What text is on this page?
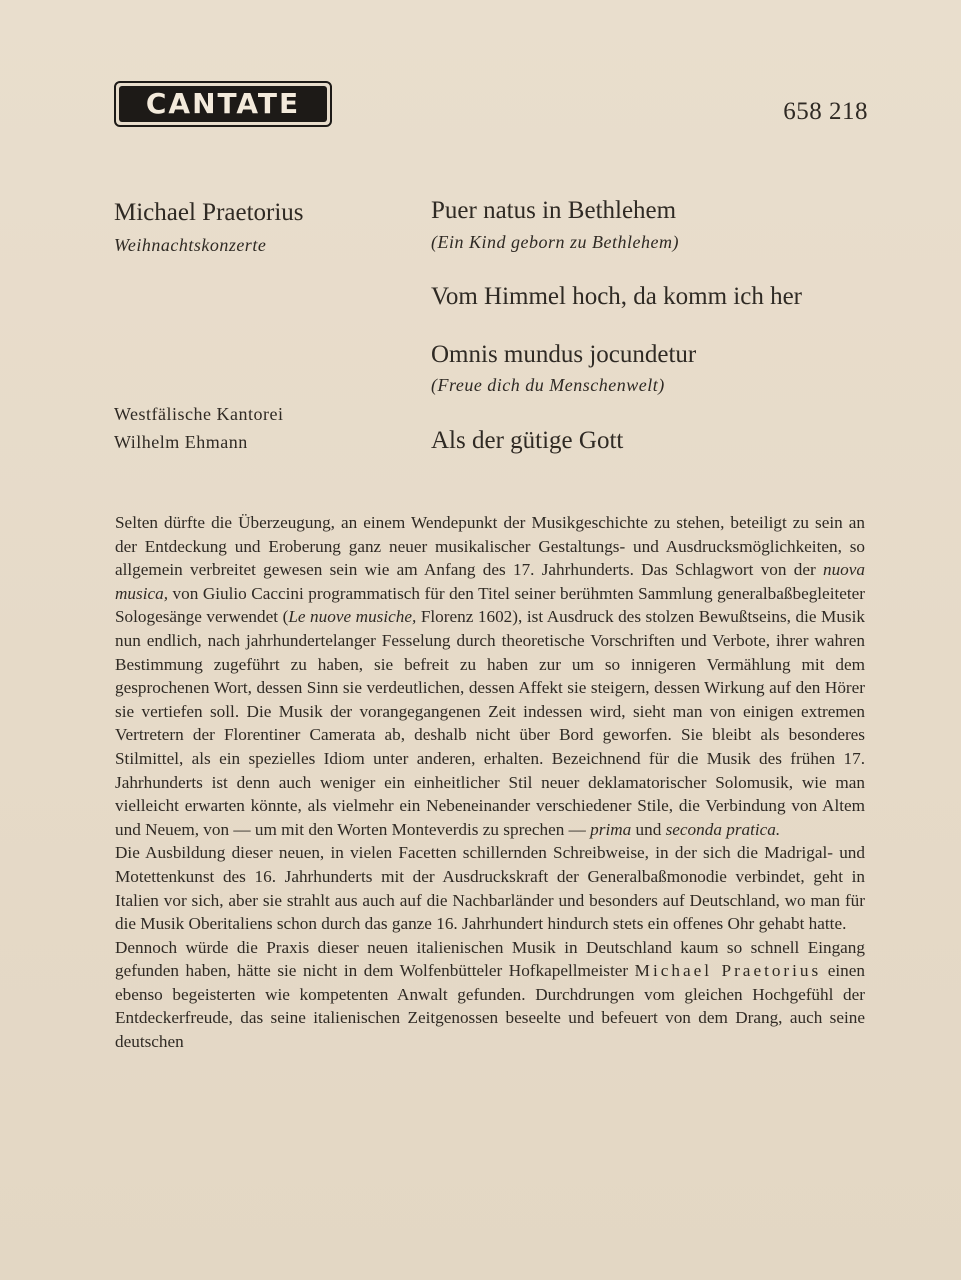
CANTATE	658 218
Michael Praetorius
Weihnachtskonzerte
Westfälische Kantorei
Wilhelm Ehmann
Puer natus in Bethlehem
(Ein Kind geborn zu Bethlehem)
Vom Himmel hoch, da komm ich her
Omnis mundus jocundetur
(Freue dich du Menschenwelt)
Als der gütige Gott

Selten dürfte die Überzeugung, an einem Wendepunkt der Musikgeschichte zu stehen, beteiligt zu sein an der Entdeckung und Eroberung ganz neuer musikalischer Gestaltungs- und Ausdrucksmöglichkeiten, so allgemein verbreitet gewesen sein wie am Anfang des 17. Jahrhunderts. Das Schlagwort von der nuova musica, von Giulio Caccini programmatisch für den Titel seiner berühmten Sammlung generalbaßbegleiteter Sologesänge verwendet (Le nuove musiche, Florenz 1602), ist Ausdruck des stolzen Bewußtseins, die Musik nun endlich, nach jahrhundertelanger Fesselung durch theoretische Vorschriften und Verbote, ihrer wahren Bestimmung zugeführt zu haben, sie befreit zu haben zur um so innigeren Vermählung mit dem gesprochenen Wort, dessen Sinn sie verdeutlichen, dessen Affekt sie steigern, dessen Wirkung auf den Hörer sie vertiefen soll. Die Musik der vorangegangenen Zeit indessen wird, sieht man von einigen extremen Vertretern der Florentiner Camerata ab, deshalb nicht über Bord geworfen. Sie bleibt als besonderes Stilmittel, als ein spezielles Idiom unter anderen, erhalten. Bezeichnend für die Musik des frühen 17. Jahrhunderts ist denn auch weniger ein einheitlicher Stil neuer deklamatorischer Solomusik, wie man vielleicht erwarten könnte, als vielmehr ein Nebeneinander verschiedener Stile, die Verbindung von Altem und Neuem, von — um mit den Worten Monteverdis zu sprechen — prima und seconda pratica.

Die Ausbildung dieser neuen, in vielen Facetten schillernden Schreibweise, in der sich die Madrigal- und Motettenkunst des 16. Jahrhunderts mit der Ausdruckskraft der Generalbaßmonodie verbindet, geht in Italien vor sich, aber sie strahlt aus auch auf die Nachbarländer und besonders auf Deutschland, wo man für die Musik Oberitaliens schon durch das ganze 16. Jahrhundert hindurch stets ein offenes Ohr gehabt hatte.

Dennoch würde die Praxis dieser neuen italienischen Musik in Deutschland kaum so schnell Eingang gefunden haben, hätte sie nicht in dem Wolfenbütteler Hofkapellmeister Michael Praetorius einen ebenso begeisterten wie kompetenten Anwalt gefunden. Durchdrungen vom gleichen Hochgefühl der Entdeckerfreude, das seine italienischen Zeitgenossen beseelte und befeuert von dem Drang, auch seine deutschen
